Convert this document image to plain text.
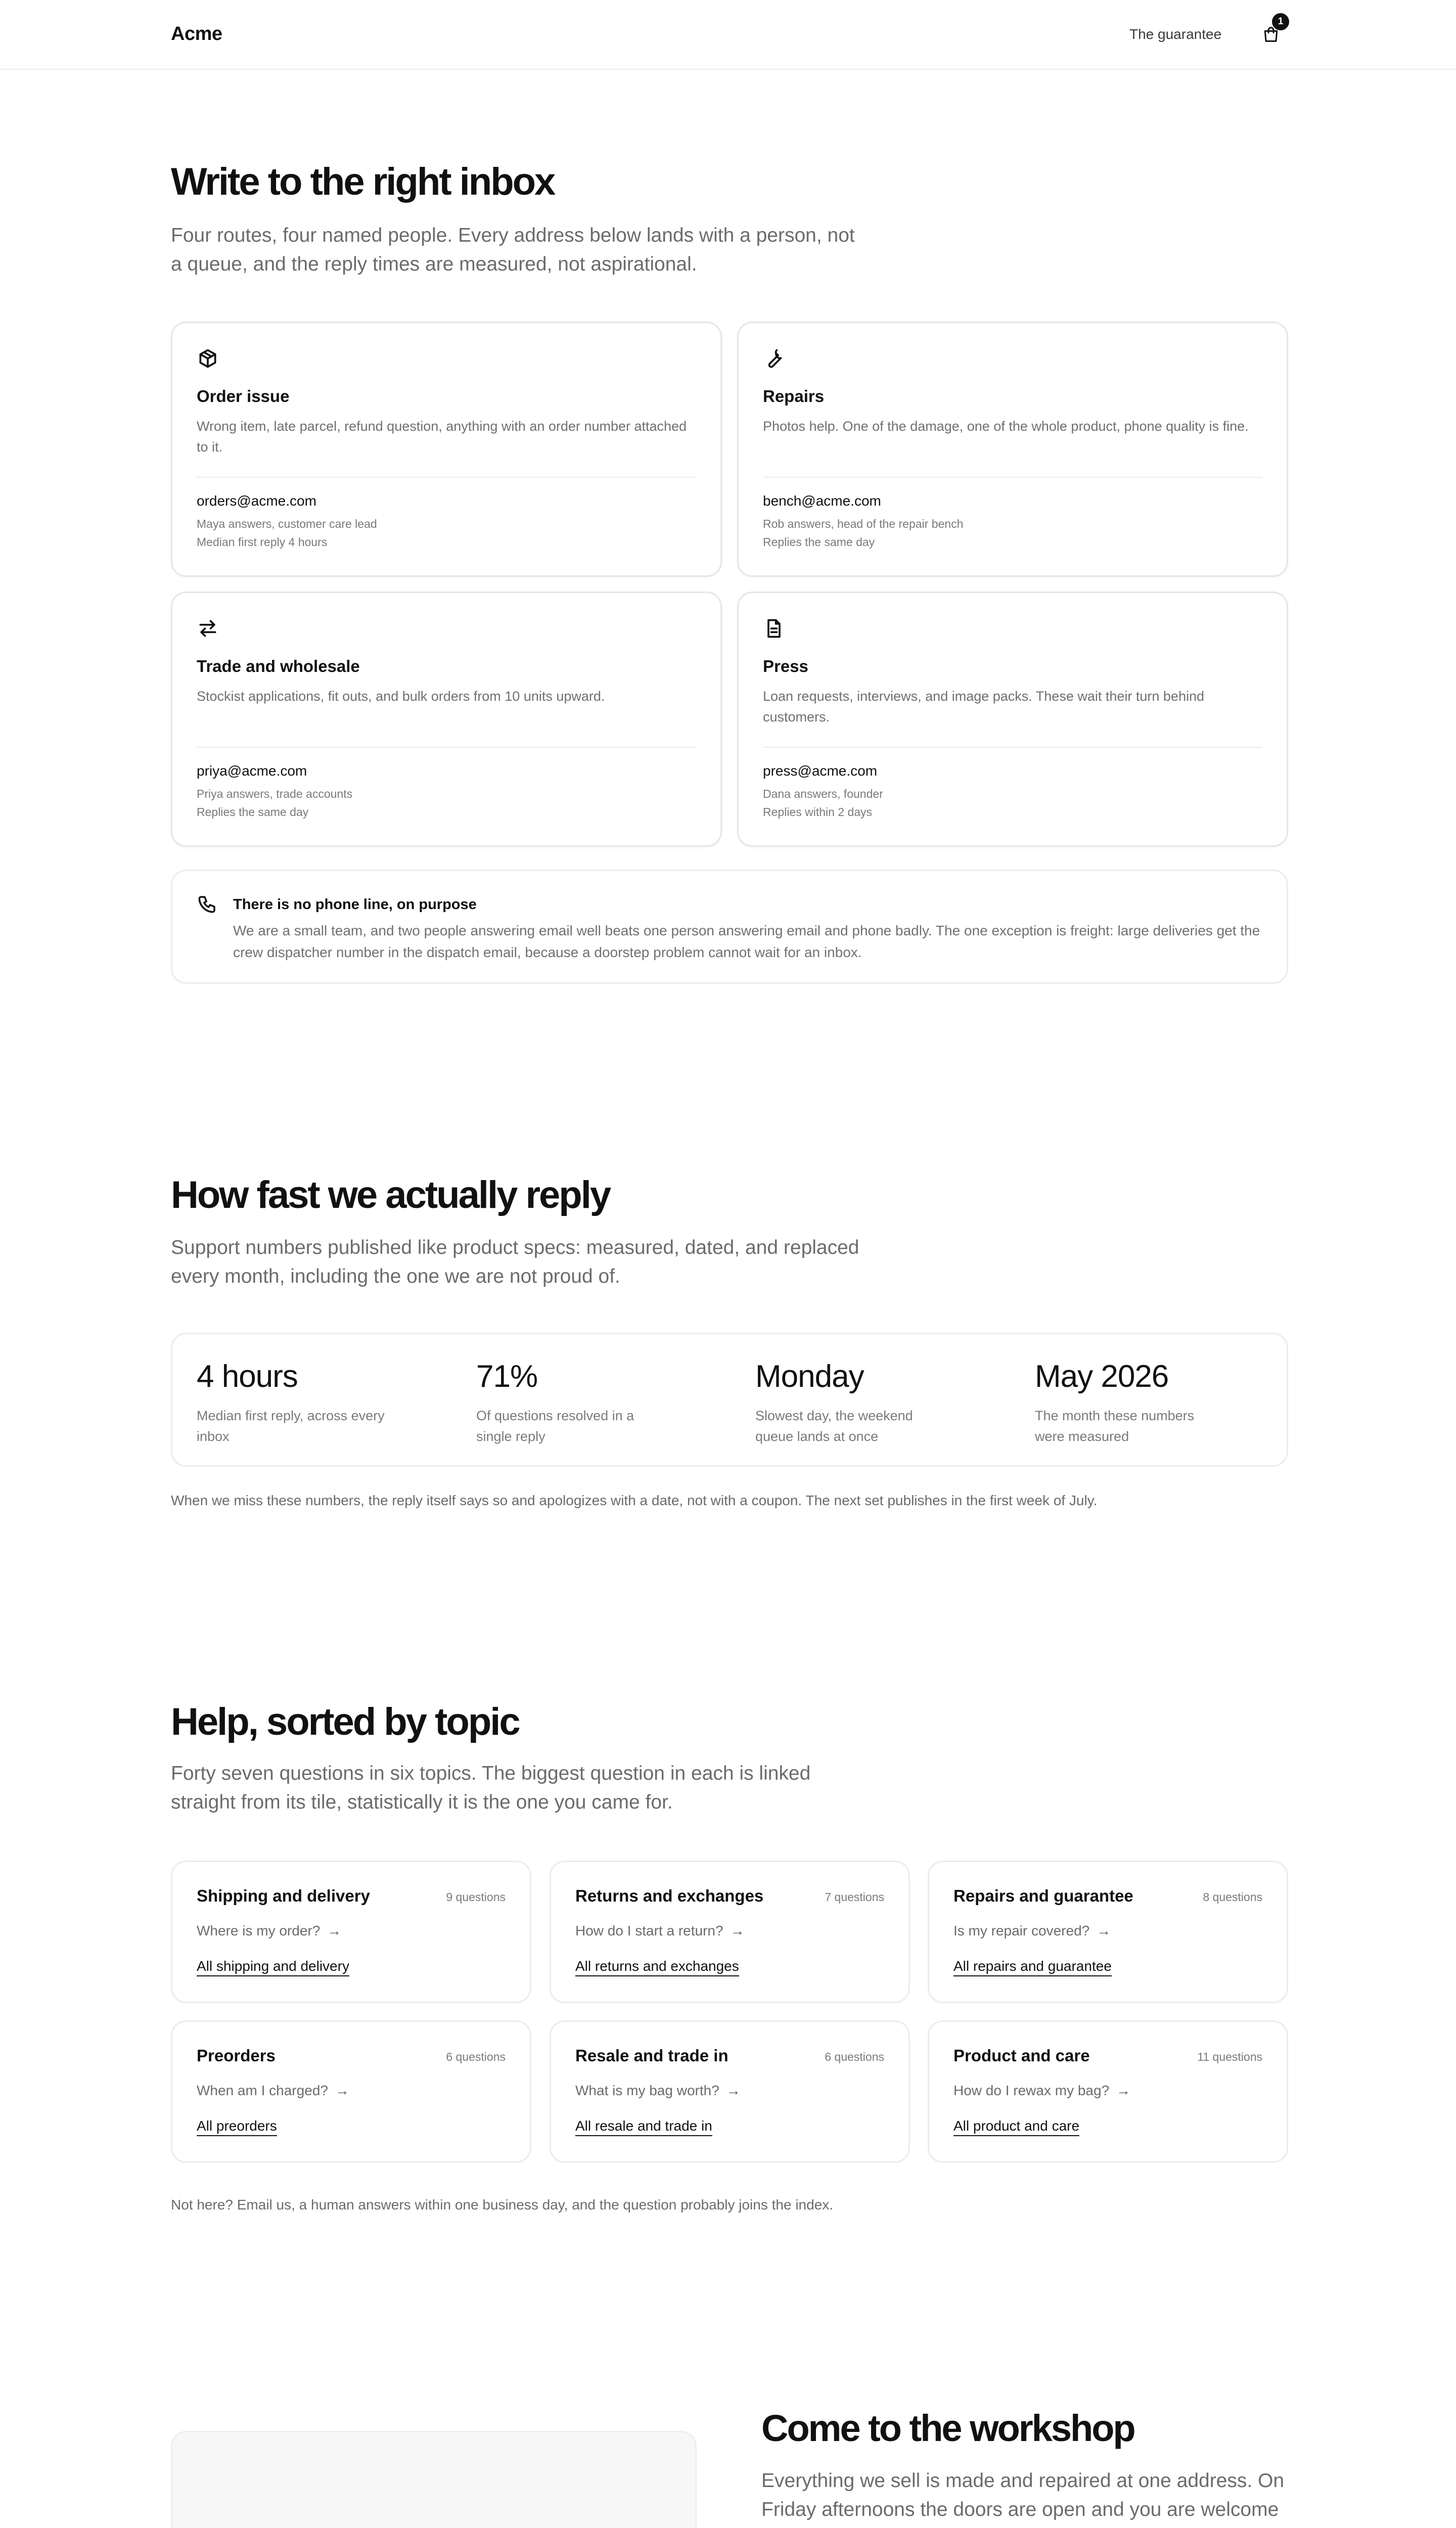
Acme	The guarantee
1
Write to the right inbox

Four routes, four named people. Every address below lands with a person, not a queue, and the reply times are measured, not aspirational.

Order issue
Wrong item, late parcel, refund question, anything with an order number attached to it.
orders@acme.com
Maya answers, customer care lead
Median first reply 4 hours
Repairs
Photos help. One of the damage, one of the whole product, phone quality is fine.
bench@acme.com
Rob answers, head of the repair bench
Replies the same day
Trade and wholesale
Stockist applications, fit outs, and bulk orders from 10 units upward.
priya@acme.com
Priya answers, trade accounts
Replies the same day
Press
Loan requests, interviews, and image packs. These wait their turn behind customers.
press@acme.com
Dana answers, founder
Replies within 2 days
There is no phone line, on purpose
We are a small team, and two people answering email well beats one person answering email and phone badly. The one exception is freight: large deliveries get the crew dispatcher number in the dispatch email, because a doorstep problem cannot wait for an inbox.
How fast we actually reply

Support numbers published like product specs: measured, dated, and replaced every month, including the one we are not proud of.

4 hours
Median first reply, across every inbox
71%
Of questions resolved in a single reply
Monday
Slowest day, the weekend queue lands at once
May 2026
The month these numbers were measured

When we miss these numbers, the reply itself says so and apologizes with a date, not with a coupon. The next set publishes in the first week of July.

Help, sorted by topic

Forty seven questions in six topics. The biggest question in each is linked straight from its tile, statistically it is the one you came for.

Shipping and delivery	9 questions
Where is my order? →
All shipping and delivery
Returns and exchanges	7 questions
How do I start a return? →
All returns and exchanges
Repairs and guarantee	8 questions
Is my repair covered? →
All repairs and guarantee
Preorders	6 questions
When am I charged? →
All preorders
Resale and trade in	6 questions
What is my bag worth? →
All resale and trade in
Product and care	11 questions
How do I rewax my bag? →
All product and care

Not here? Email us, a human answers within one business day, and the question probably joins the index.

Come to the workshop

Everything we sell is made and repaired at one address. On Friday afternoons the doors are open and you are welcome
